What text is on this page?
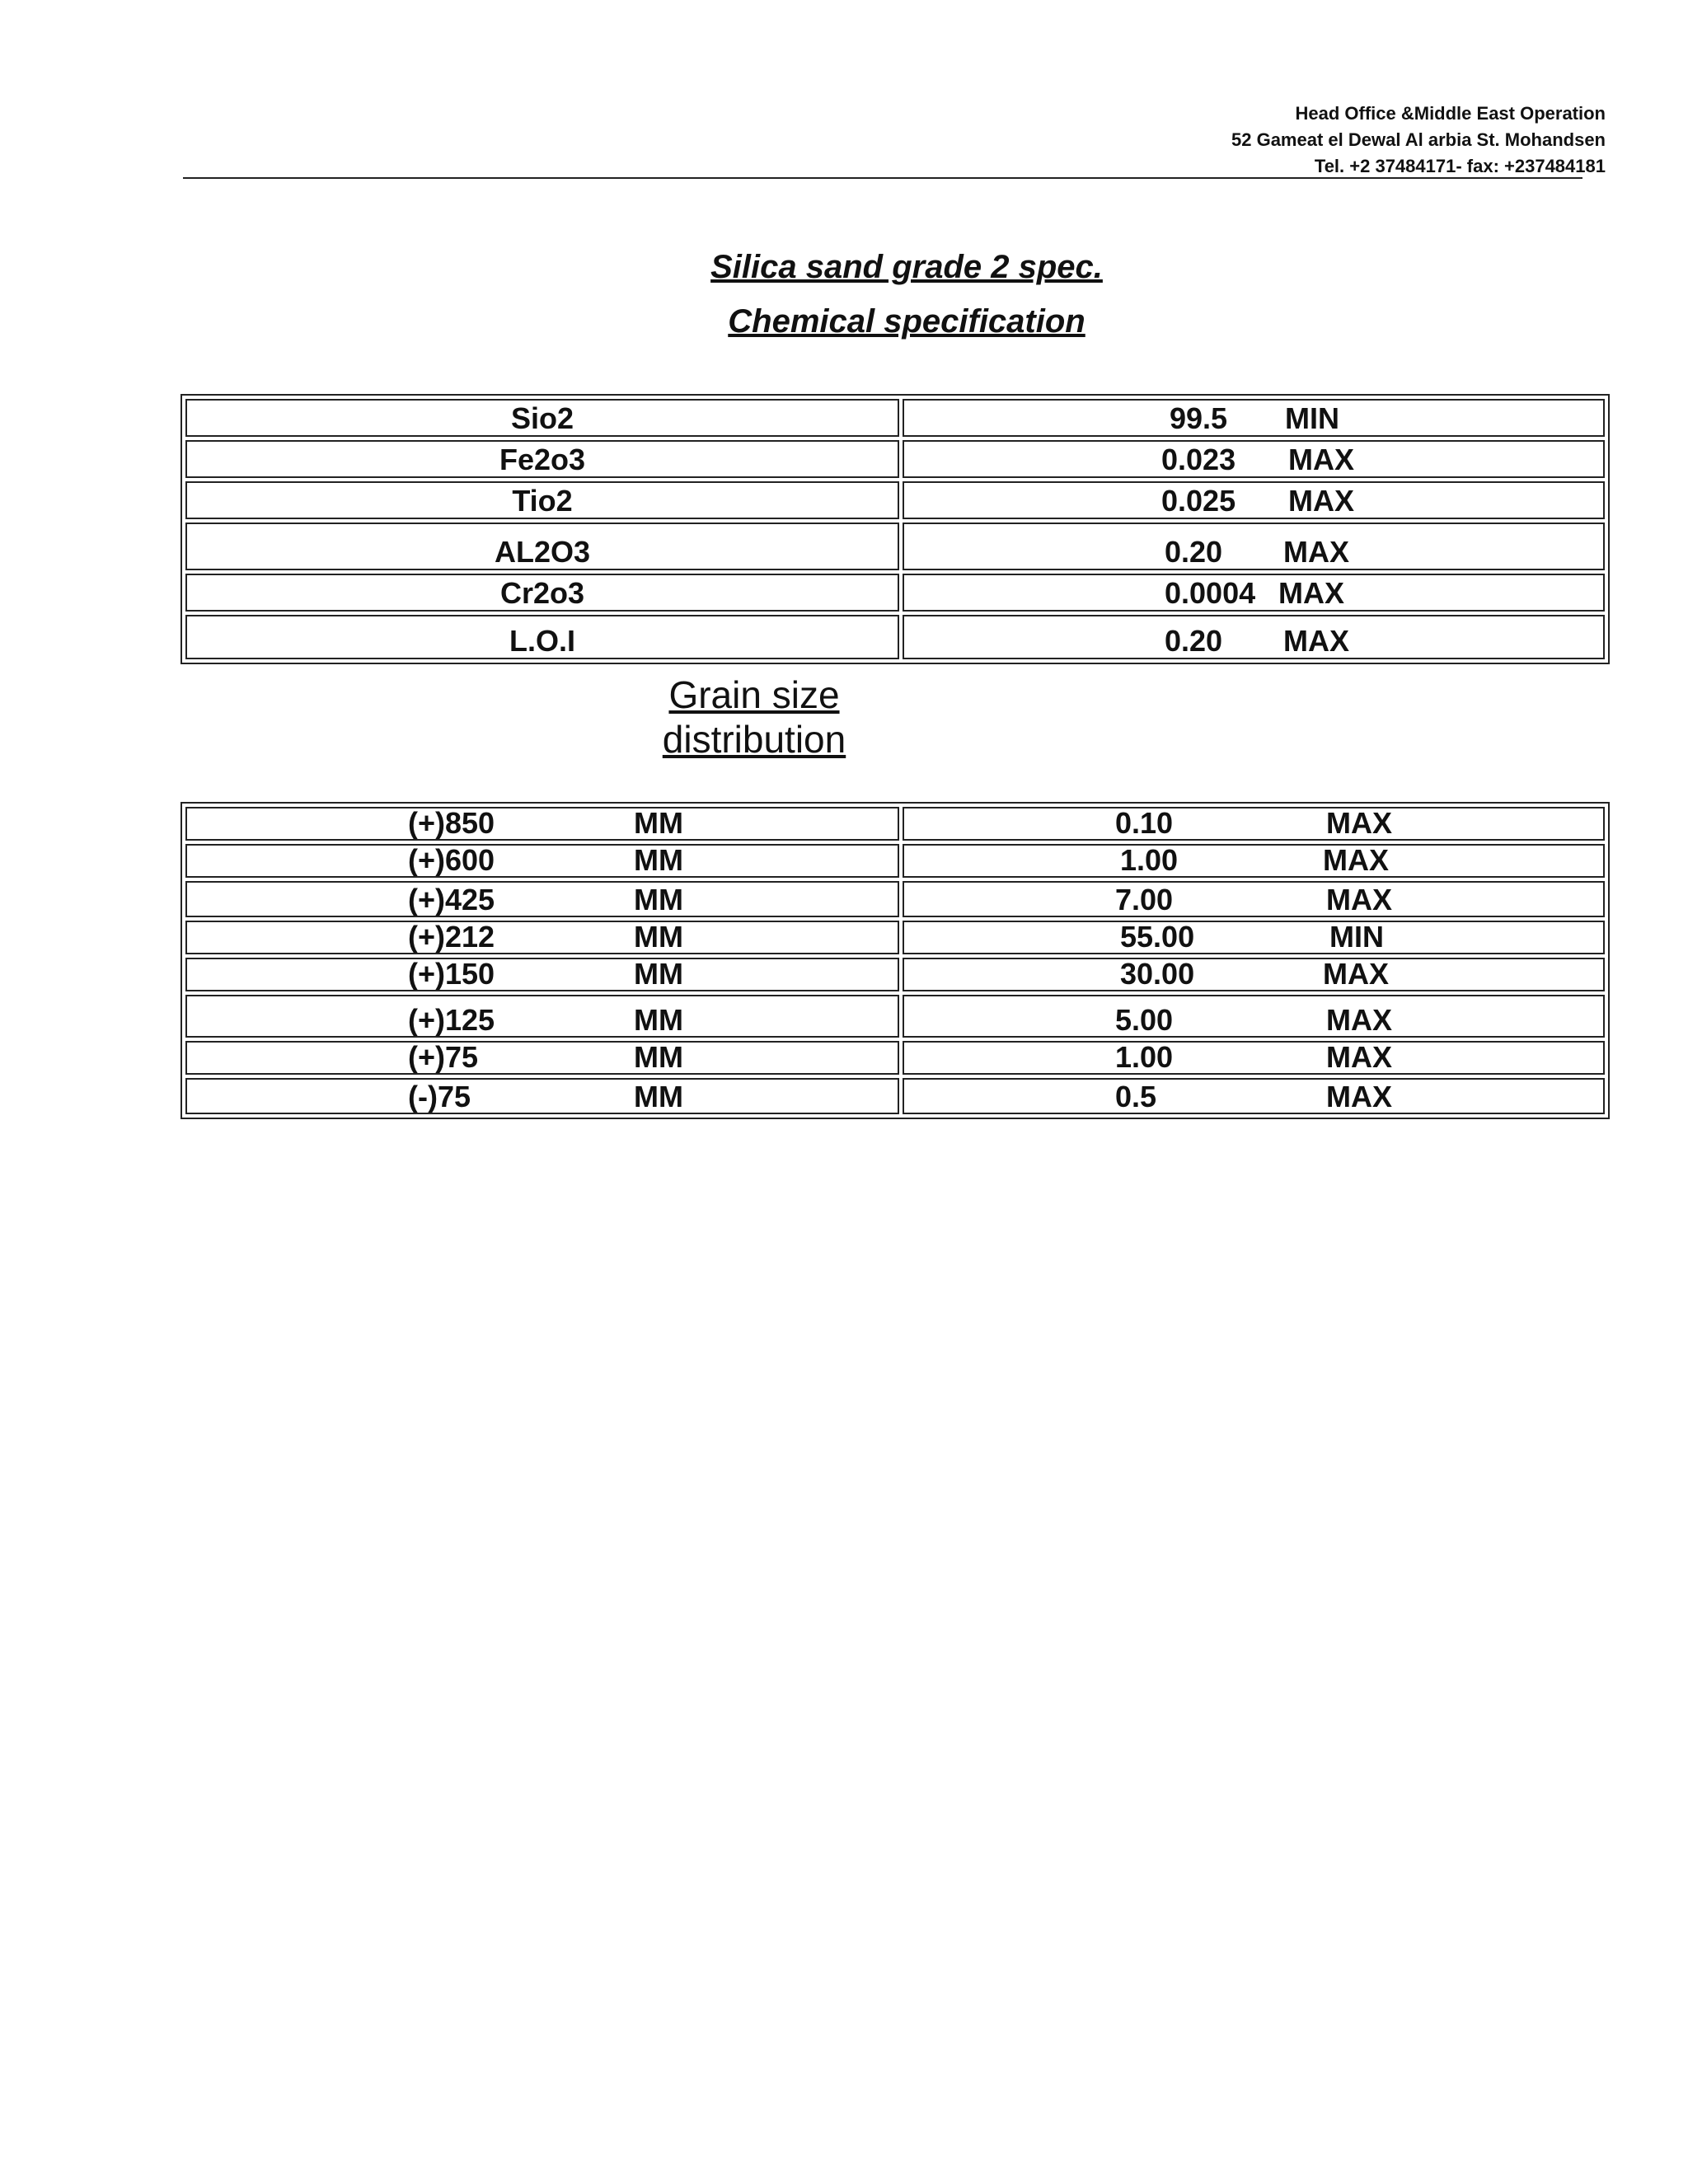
Head Office &Middle East Operation
52 Gameat el Dewal Al arbia St. Mohandsen
Tel. +2 37484171- fax: +237484181
Silica sand grade 2 spec.
Chemical specification
Sio2	99.5 MIN

Fe2o3	0.023 MAX

Tio2	0.025 MAX

AL2O3	0.20 MAX

Cr2o3	0.0004 MAX

L.O.I	0.20 MAX
Grain size
distribution
(+)850 MM	0.10 MAX

(+)600 MM	1.00 MAX

(+)425 MM	7.00 MAX

(+)212 MM	55.00 MIN

(+)150 MM	30.00 MAX

(+)125 MM	5.00 MAX

(+)75 MM	1.00 MAX

(-)75 MM	0.5 MAX
